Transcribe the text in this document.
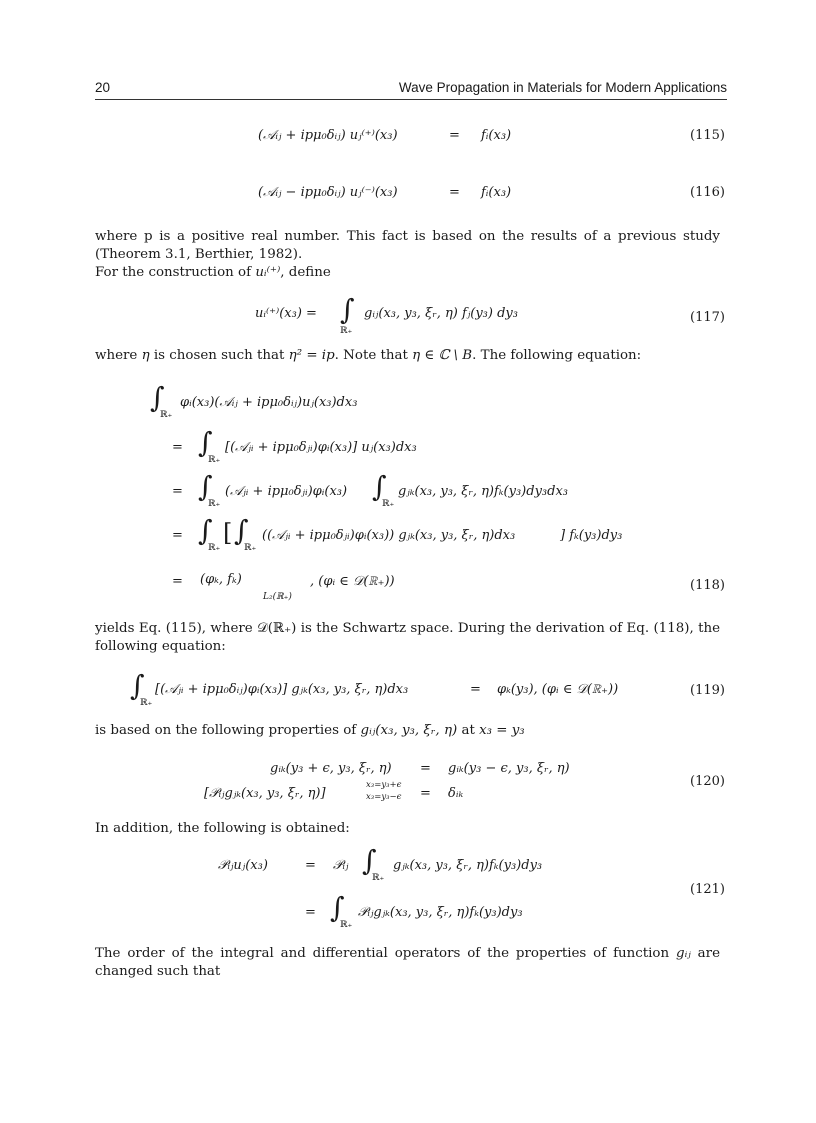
20	Wave Propagation in Materials for Modern Applications
(𝒜ᵢⱼ + ipμ₀δᵢⱼ) uⱼ⁽⁺⁾(x₃)	= fᵢ(x₃)	(115)
(𝒜ᵢⱼ − ipμ₀δᵢⱼ) uⱼ⁽⁻⁾(x₃)	= fᵢ(x₃)	(116)
where p is a positive real number. This fact is based on the results of a previous study (Theorem 3.1, Berthier, 1982).
For the construction of uᵢ⁽⁺⁾, define
uᵢ⁽⁺⁾(x₃) = ∫
ℝ₊
gᵢⱼ(x₃, y₃, ξᵣ, η) fⱼ(y₃) dy₃	(117)
where η is chosen such that η² = ip. Note that η ∈ ℂ \ B. The following equation:
∫
ℝ₊
φᵢ(x₃)(𝒜ᵢⱼ + ipμ₀δᵢⱼ)uⱼ(x₃)dx₃
= ∫
ℝ₊
[(𝒜ⱼᵢ + ipμ₀δⱼᵢ)φᵢ(x₃)] uⱼ(x₃)dx₃
= ∫
ℝ₊
(𝒜ⱼᵢ + ipμ₀δⱼᵢ)φᵢ(x₃) ∫
ℝ₊
gⱼₖ(x₃, y₃, ξᵣ, η)fₖ(y₃)dy₃dx₃
= ∫
ℝ₊
[ ∫
ℝ₊
((𝒜ⱼᵢ + ipμ₀δⱼᵢ)φᵢ(x₃)) gⱼₖ(x₃, y₃, ξᵣ, η)dx₃	] fₖ(y₃)dy₃
= (φₖ, fₖ)
L₂(ℝ₊)
, (φᵢ ∈ 𝒟(ℝ₊))	(118)
yields Eq. (115), where 𝒟(ℝ₊) is the Schwartz space. During the derivation of Eq. (118), the following equation:
∫
ℝ₊
[(𝒜ⱼᵢ + ipμ₀δᵢⱼ)φᵢ(x₃)] gⱼₖ(x₃, y₃, ξᵣ, η)dx₃	= φₖ(y₃), (φᵢ ∈ 𝒟(ℝ₊))	(119)
is based on the following properties of gᵢⱼ(x₃, y₃, ξᵣ, η) at x₃ = y₃
gᵢₖ(y₃ + ϵ, y₃, ξᵣ, η) = gᵢₖ(y₃ − ϵ, y₃, ξᵣ, η)
[𝒫ᵢⱼgⱼₖ(x₃, y₃, ξᵣ, η)]
x₃=y₃+ϵ
x₃=y₃−ϵ = δᵢₖ
(120)
In addition, the following is obtained:
𝒫ᵢⱼuⱼ(x₃)	= 𝒫ᵢⱼ ∫
ℝ₊
gⱼₖ(x₃, y₃, ξᵣ, η)fₖ(y₃)dy₃
= ∫
ℝ₊
𝒫ᵢⱼgⱼₖ(x₃, y₃, ξᵣ, η)fₖ(y₃)dy₃
(121)
The order of the integral and differential operators of the properties of function gᵢⱼ are changed such that
